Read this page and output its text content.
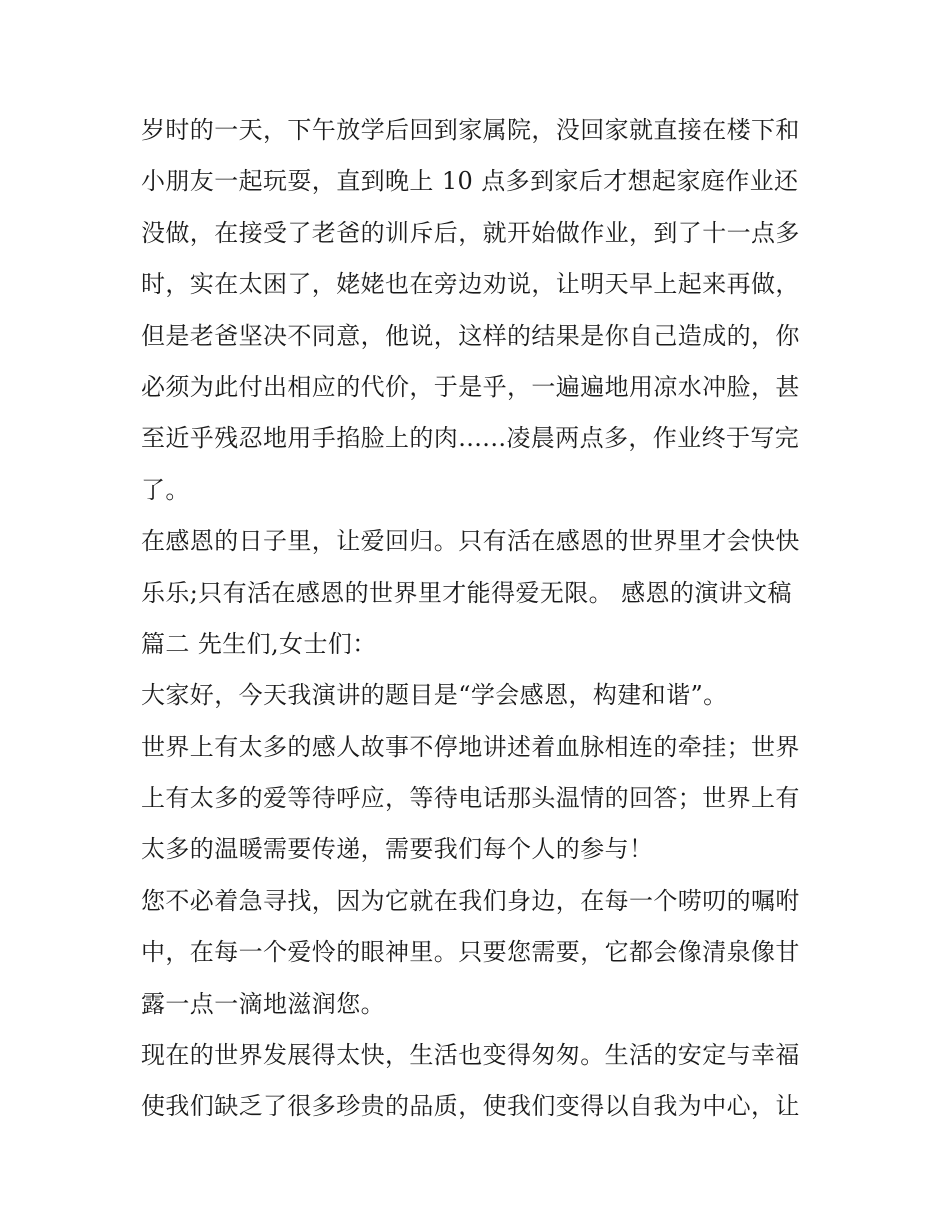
岁时的一天，下午放学后回到家属院，没回家就直接在楼下和
小朋友一起玩耍，直到晚上 10 点多到家后才想起家庭作业还
没做，在接受了老爸的训斥后，就开始做作业，到了十一点多
时，实在太困了，姥姥也在旁边劝说，让明天早上起来再做，
但是老爸坚决不同意，他说，这样的结果是你自己造成的，你
必须为此付出相应的代价，于是乎，一遍遍地用凉水冲脸，甚
至近乎残忍地用手掐脸上的肉......凌晨两点多，作业终于写完
了。
在感恩的日子里，让爱回归。只有活在感恩的世界里才会快快
乐乐;只有活在感恩的世界里才能得爱无限。 感恩的演讲文稿
篇二 先生们,女士们：
大家好，今天我演讲的题目是“学会感恩，构建和谐”。
世界上有太多的感人故事不停地讲述着血脉相连的牵挂；世界
上有太多的爱等待呼应，等待电话那头温情的回答；世界上有
太多的温暖需要传递，需要我们每个人的参与！
您不必着急寻找，因为它就在我们身边，在每一个唠叨的嘱咐
中，在每一个爱怜的眼神里。只要您需要，它都会像清泉像甘
露一点一滴地滋润您。
现在的世界发展得太快，生活也变得匆匆。生活的安定与幸福
使我们缺乏了很多珍贵的品质，使我们变得以自我为中心，让
